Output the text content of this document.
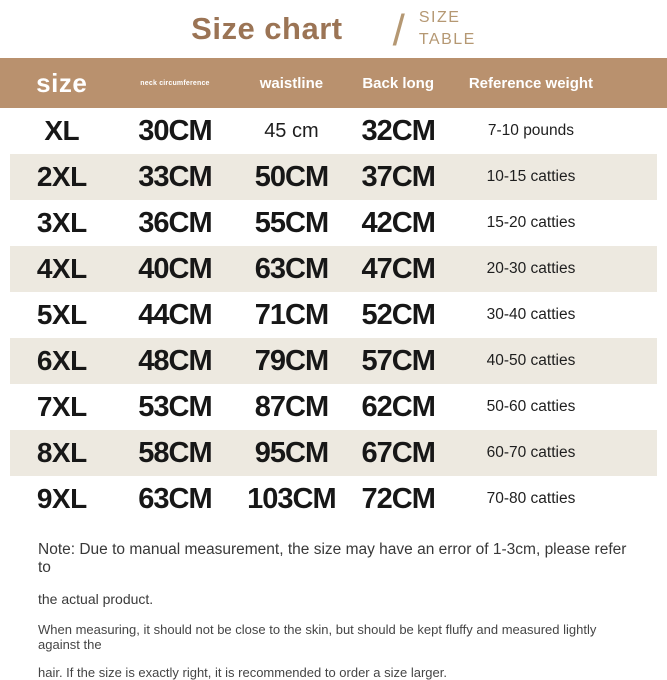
Size chart / SIZE
TABLE
size	neck circumference	waistline	Back long	Reference weight
XL	30CM	45 cm	32CM	7-10 pounds
2XL	33CM	50CM	37CM	10-15 catties
3XL	36CM	55CM	42CM	15-20 catties
4XL	40CM	63CM	47CM	20-30 catties
5XL	44CM	71CM	52CM	30-40 catties
6XL	48CM	79CM	57CM	40-50 catties
7XL	53CM	87CM	62CM	50-60 catties
8XL	58CM	95CM	67CM	60-70 catties
9XL	63CM	103CM 72CM	70-80 catties
Note: Due to manual measurement, the size may have an error of 1-3cm, please refer to
the actual product.
When measuring, it should not be close to the skin, but should be kept fluffy and measured lightly against the
hair. If the size is exactly right, it is recommended to order a size larger.
